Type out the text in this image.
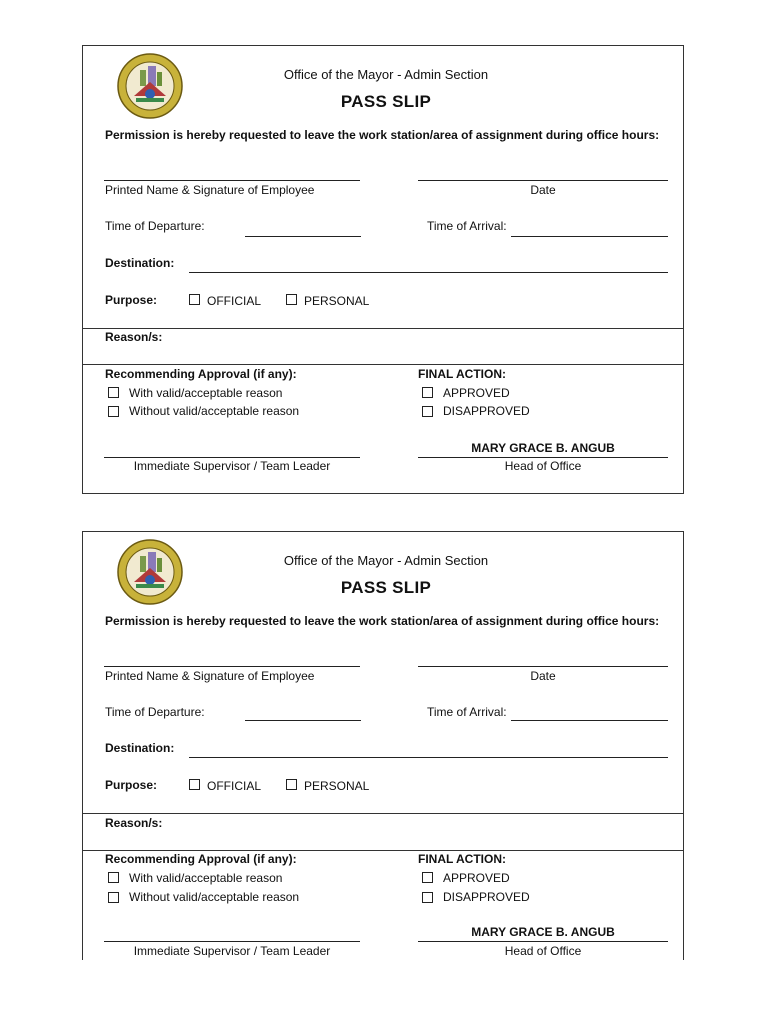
Office of the Mayor - Admin Section
PASS SLIP
Permission is hereby requested to leave the work station/area of assignment during office hours:
Printed Name & Signature of Employee	Date
Time of Departure:	Time of Arrival:
Destination:
Purpose:	OFFICIAL	PERSONAL
Reason/s:
Recommending Approval (if any):
With valid/acceptable reason
Without valid/acceptable reason
FINAL ACTION:
APPROVED
DISAPPROVED
Immediate Supervisor / Team Leader
MARY GRACE B. ANGUB
Head of Office
Office of the Mayor - Admin Section
PASS SLIP
Permission is hereby requested to leave the work station/area of assignment during office hours:
Printed Name & Signature of Employee	Date
Time of Departure:	Time of Arrival:
Destination:
Purpose:	OFFICIAL	PERSONAL
Reason/s:
Recommending Approval (if any):
With valid/acceptable reason
Without valid/acceptable reason
FINAL ACTION:
APPROVED
DISAPPROVED
Immediate Supervisor / Team Leader
MARY GRACE B. ANGUB
Head of Office
